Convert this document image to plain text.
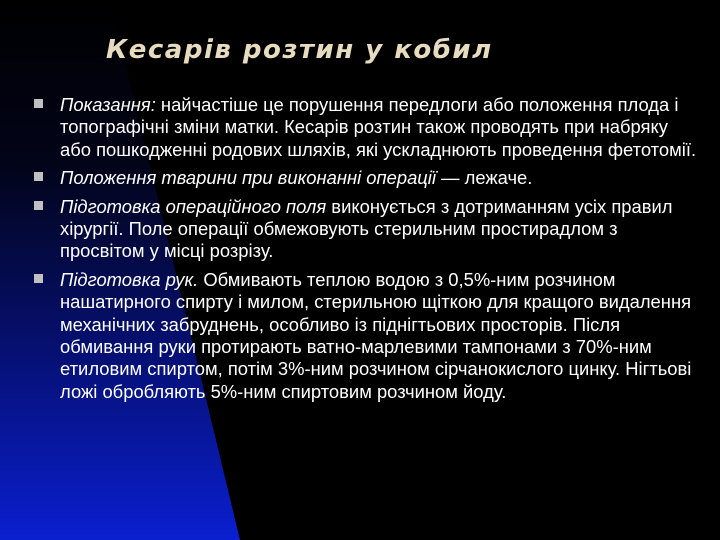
Кесарів розтин у кобил
Показання: найчастіше це порушення передлоги або положення плода і топографічні зміни матки. Кесарів розтин також проводять при набряку або пошкодженні родових шляхів, які ускладнюють проведення фетотомії.
Положення тварини при виконанні операції — лежаче.
Підготовка операційного поля виконується з дотриманням усіх правил хірургії. Поле операції обмежовують стерильним простирадлом з просвітом у місці розрізу.
Підготовка рук. Обмивають теплою водою з 0,5%-ним розчином нашатирного спирту і милом, стерильною щіткою для кращого видалення механічних забруднень, особливо із піднігтьових просторів. Після обмивання руки протирають ватно-марлевими тампонами з 70%-ним етиловим спиртом, потім 3%-ним розчином сірчанокислого цинку. Нігтьові ложі обробляють 5%-ним спиртовим розчином йоду.
